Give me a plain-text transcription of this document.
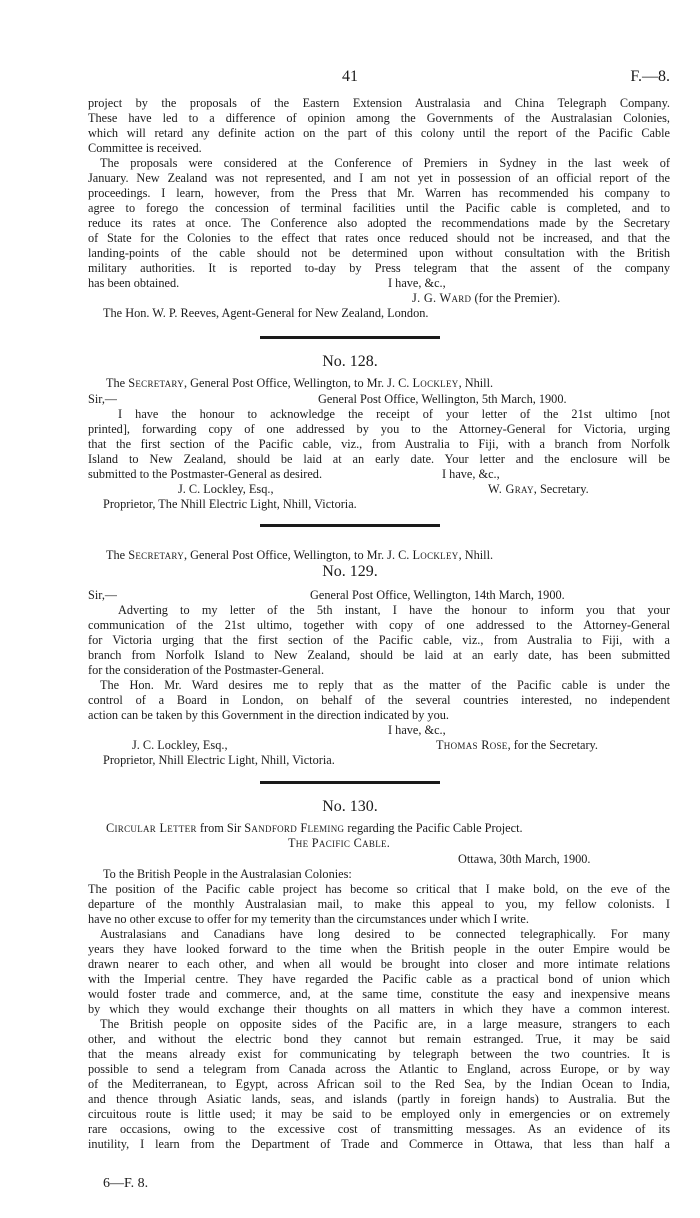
41	F.—8.
project by the proposals of the Eastern Extension Australasia and China Telegraph Company.
These have led to a difference of opinion among the Governments of the Australasian Colonies,
which will retard any definite action on the part of this colony until the report of the Pacific Cable
Committee is received.
The proposals were considered at the Conference of Premiers in Sydney in the last week of
January. New Zealand was not represented, and I am not yet in possession of an official report of the
proceedings. I learn, however, from the Press that Mr. Warren has recommended his company to
agree to forego the concession of terminal facilities until the Pacific cable is completed, and to
reduce its rates at once. The Conference also adopted the recommendations made by the Secretary
of State for the Colonies to the effect that rates once reduced should not be increased, and that the
landing-points of the cable should not be determined upon without consultation with the British
military authorities. It is reported to-day by Press telegram that the assent of the company
has been obtained.	I have, &c.,
J. G. Ward (for the Premier).
The Hon. W. P. Reeves, Agent-General for New Zealand, London.
No. 128.
The Secretary, General Post Office, Wellington, to Mr. J. C. Lockley, Nhill.
Sir,—	General Post Office, Wellington, 5th March, 1900.
I have the honour to acknowledge the receipt of your letter of the 21st ultimo [not
printed], forwarding copy of one addressed by you to the Attorney-General for Victoria, urging
that the first section of the Pacific cable, viz., from Australia to Fiji, with a branch from Norfolk
Island to New Zealand, should be laid at an early date. Your letter and the enclosure will be
submitted to the Postmaster-General as desired.	I have, &c.,
J. C. Lockley, Esq.,	W. Gray, Secretary.
Proprietor, The Nhill Electric Light, Nhill, Victoria.
The Secretary, General Post Office, Wellington, to Mr. J. C. Lockley, Nhill.
No. 129.
Sir,—	General Post Office, Wellington, 14th March, 1900.
Adverting to my letter of the 5th instant, I have the honour to inform you that your
communication of the 21st ultimo, together with copy of one addressed to the Attorney-General
for Victoria urging that the first section of the Pacific cable, viz., from Australia to Fiji, with a
branch from Norfolk Island to New Zealand, should be laid at an early date, has been submitted
for the consideration of the Postmaster-General.
The Hon. Mr. Ward desires me to reply that as the matter of the Pacific cable is under the
control of a Board in London, on behalf of the several countries interested, no independent
action can be taken by this Government in the direction indicated by you.
I have, &c.,
J. C. Lockley, Esq.,	Thomas Rose, for the Secretary.
Proprietor, Nhill Electric Light, Nhill, Victoria.
No. 130.
Circular Letter from Sir Sandford Fleming regarding the Pacific Cable Project.
The Pacific Cable.
Ottawa, 30th March, 1900.
To the British People in the Australasian Colonies:
The position of the Pacific cable project has become so critical that I make bold, on the eve of the
departure of the monthly Australasian mail, to make this appeal to you, my fellow colonists. I
have no other excuse to offer for my temerity than the circumstances under which I write.
Australasians and Canadians have long desired to be connected telegraphically. For many
years they have looked forward to the time when the British people in the outer Empire would be
drawn nearer to each other, and when all would be brought into closer and more intimate relations
with the Imperial centre. They have regarded the Pacific cable as a practical bond of union which
would foster trade and commerce, and, at the same time, constitute the easy and inexpensive means
by which they would exchange their thoughts on all matters in which they have a common interest.
The British people on opposite sides of the Pacific are, in a large measure, strangers to each
other, and without the electric bond they cannot but remain estranged. True, it may be said
that the means already exist for communicating by telegraph between the two countries. It is
possible to send a telegram from Canada across the Atlantic to England, across Europe, or by way
of the Mediterranean, to Egypt, across African soil to the Red Sea, by the Indian Ocean to India,
and thence through Asiatic lands, seas, and islands (partly in foreign hands) to Australia. But the
circuitous route is little used; it may be said to be employed only in emergencies or on extremely
rare occasions, owing to the excessive cost of transmitting messages. As an evidence of its
inutility, I learn from the Department of Trade and Commerce in Ottawa, that less than half a
6—F. 8.
